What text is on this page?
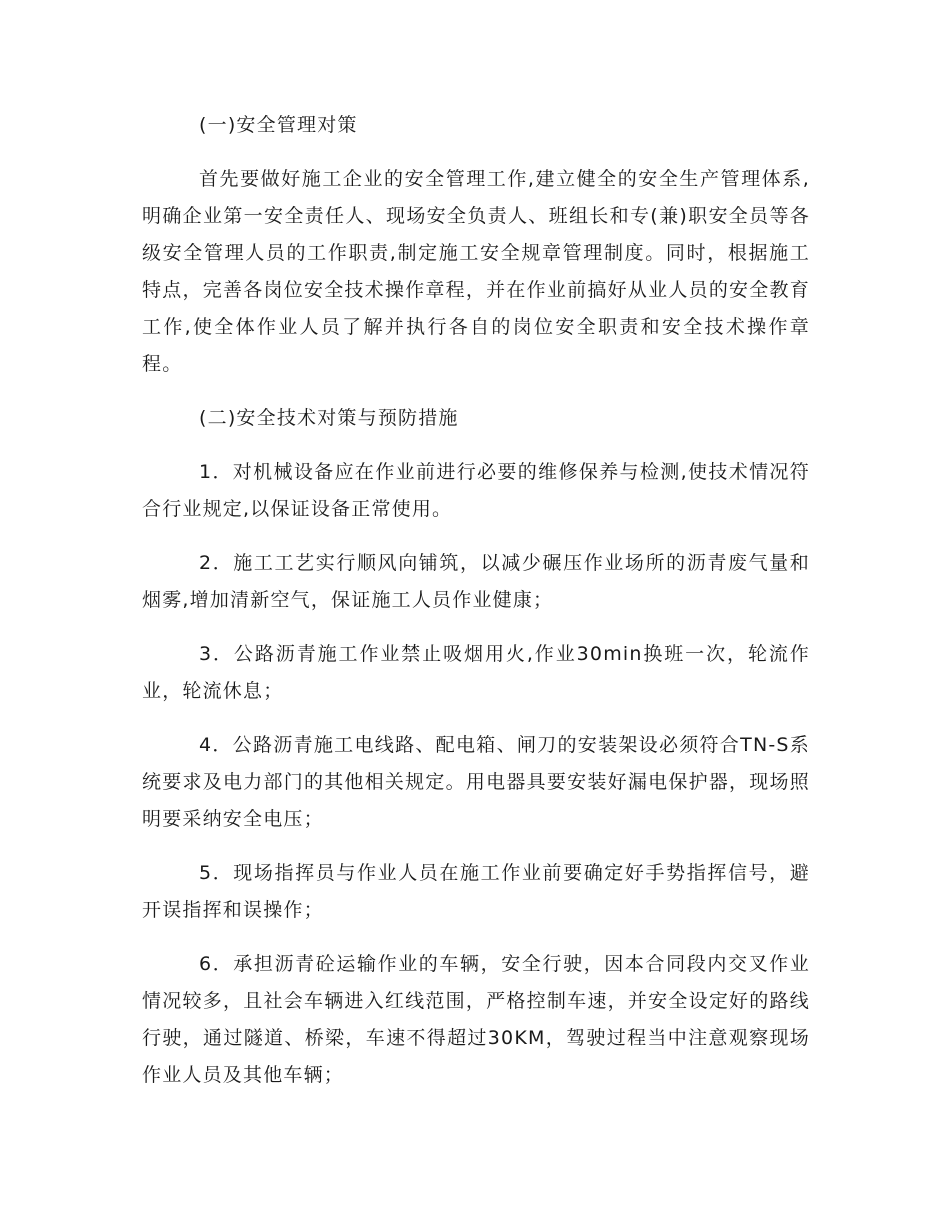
(一)安全管理对策

首先要做好施工企业的安全管理工作,建立健全的安全生产管理体系,明确企业第一安全责任人、现场安全负责人、班组长和专(兼)职安全员等各级安全管理人员的工作职责,制定施工安全规章管理制度。同时，根据施工特点，完善各岗位安全技术操作章程，并在作业前搞好从业人员的安全教育工作,使全体作业人员了解并执行各自的岗位安全职责和安全技术操作章程。

(二)安全技术对策与预防措施

1．对机械设备应在作业前进行必要的维修保养与检测,使技术情况符合行业规定,以保证设备正常使用。

2．施工工艺实行顺风向铺筑，以减少碾压作业场所的沥青废气量和烟雾,增加清新空气，保证施工人员作业健康；

3．公路沥青施工作业禁止吸烟用火,作业30min换班一次，轮流作业，轮流休息；

4．公路沥青施工电线路、配电箱、闸刀的安装架设必须符合TN-S系统要求及电力部门的其他相关规定。用电器具要安装好漏电保护器，现场照明要采纳安全电压；

5．现场指挥员与作业人员在施工作业前要确定好手势指挥信号，避开误指挥和误操作；

6．承担沥青砼运输作业的车辆，安全行驶，因本合同段内交叉作业情况较多，且社会车辆进入红线范围，严格控制车速，并安全设定好的路线行驶，通过隧道、桥梁，车速不得超过30KM，驾驶过程当中注意观察现场作业人员及其他车辆；
